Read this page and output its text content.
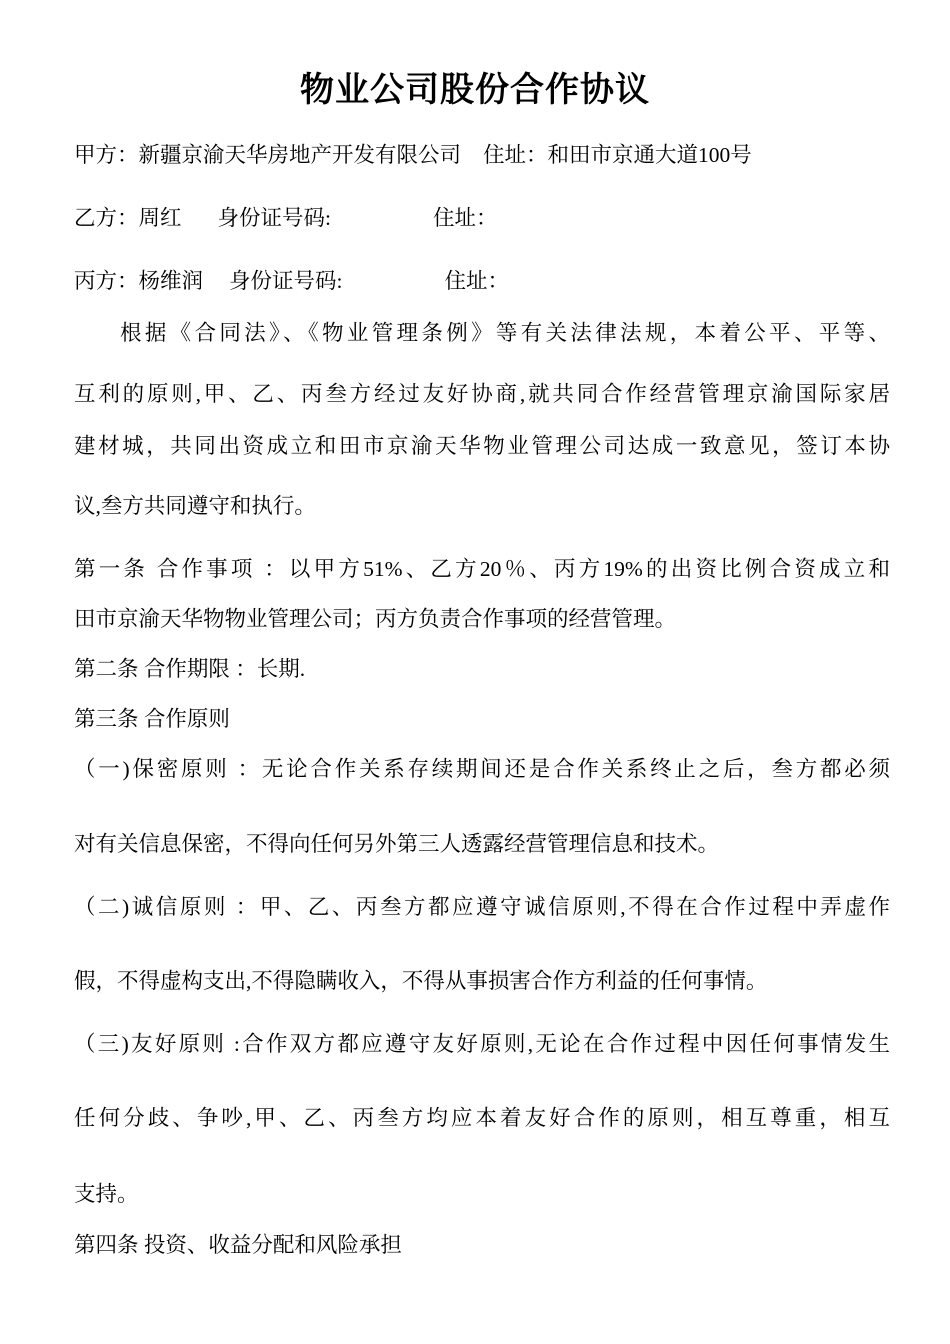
物业公司股份合作协议
甲方：新疆京渝天华房地产开发有限公司 住址：和田市京通大道100号
乙方：周红 身份证号码:	住址：
丙方：杨维润 身份证号码:	住址：
根据《合同法》、《物业管理条例》等有关法律法规，本着公平、平等、
互利的原则,甲、乙、丙叁方经过友好协商,就共同合作经营管理京渝国际家居
建材城，共同出资成立和田市京渝天华物业管理公司达成一致意见，签订本协
议,叁方共同遵守和执行。
第一条 合作事项 ：以甲方51%、乙方20％、丙方19%的出资比例合资成立和
田市京渝天华物物业管理公司；丙方负责合作事项的经营管理。
第二条 合作期限 ：长期.
第三条 合作原则
（一)保密原则 ：无论合作关系存续期间还是合作关系终止之后，叁方都必须
对有关信息保密，不得向任何另外第三人透露经营管理信息和技术。
（二)诚信原则 ：甲、乙、丙叁方都应遵守诚信原则,不得在合作过程中弄虚作
假，不得虚构支出,不得隐瞒收入，不得从事损害合作方利益的任何事情。
（三)友好原则 :合作双方都应遵守友好原则,无论在合作过程中因任何事情发生
任何分歧、争吵,甲、乙、丙叁方均应本着友好合作的原则，相互尊重，相互
支持。
第四条 投资、收益分配和风险承担
